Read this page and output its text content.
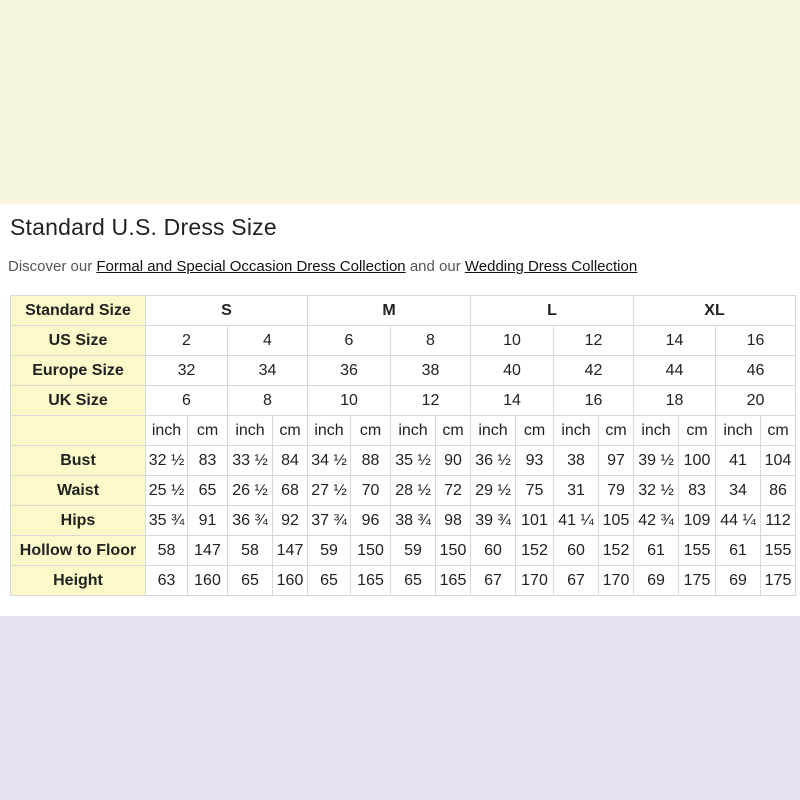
Standard U.S. Dress Size
Discover our Formal and Special Occasion Dress Collection and our Wedding Dress Collection
Standard Size	S				M				L				XL			
US Size	2		4		6		8		10		12		14		16	
Europe Size	32		34		36		38		40		42		44		46	
UK Size	6		8		10		12		14		16		18		20	
	inch	cm	inch	cm	inch	cm	inch	cm	inch	cm	inch	cm	inch	cm	inch	cm
Bust	32 ½	83	33 ½	84	34 ½	88	35 ½	90	36 ½	93	38	97	39 ½	100	41	104
Waist	25 ½	65	26 ½	68	27 ½	70	28 ½	72	29 ½	75	31	79	32 ½	83	34	86
Hips	35 ¾	91	36 ¾	92	37 ¾	96	38 ¾	98	39 ¾	101	41 ¼	105	42 ¾	109	44 ¼	112
Hollow to Floor	58	147	58	147	59	150	59	150	60	152	60	152	61	155	61	155
Height	63	160	65	160	65	165	65	165	67	170	67	170	69	175	69	175
